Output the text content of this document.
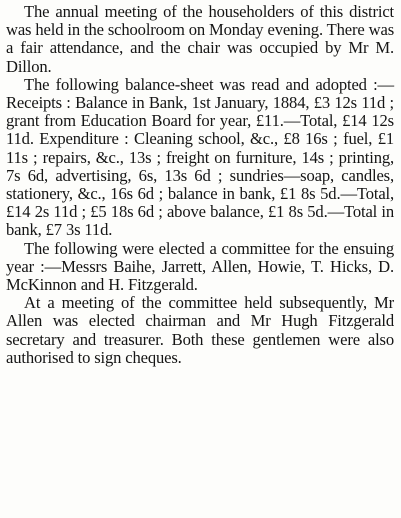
The annual meeting of the householders of this district was held in the schoolroom on Monday evening. There was a fair attendance, and the chair was occupied by Mr M. Dillon.

The following balance-sheet was read and adopted :—Receipts : Balance in Bank, 1st January, 1884, £3 12s 11d ; grant from Education Board for year, £11.—Total, £14 12s 11d. Expenditure : Cleaning school, &c., £8 16s ; fuel, £1 11s ; repairs, &c., 13s ; freight on furniture, 14s ; printing, 7s 6d, advertising, 6s, 13s 6d ; sundries—soap, candles, stationery, &c., 16s 6d ; balance in bank, £1 8s 5d.—Total, £14 2s 11d ; £5 18s 6d ; above balance, £1 8s 5d.—Total in bank, £7 3s 11d.

The following were elected a committee for the ensuing year :—Messrs Baihe, Jarrett, Allen, Howie, T. Hicks, D. McKinnon and H. Fitzgerald.

At a meeting of the committee held subsequently, Mr Allen was elected chairman and Mr Hugh Fitzgerald secretary and treasurer. Both these gentlemen were also authorised to sign cheques.
